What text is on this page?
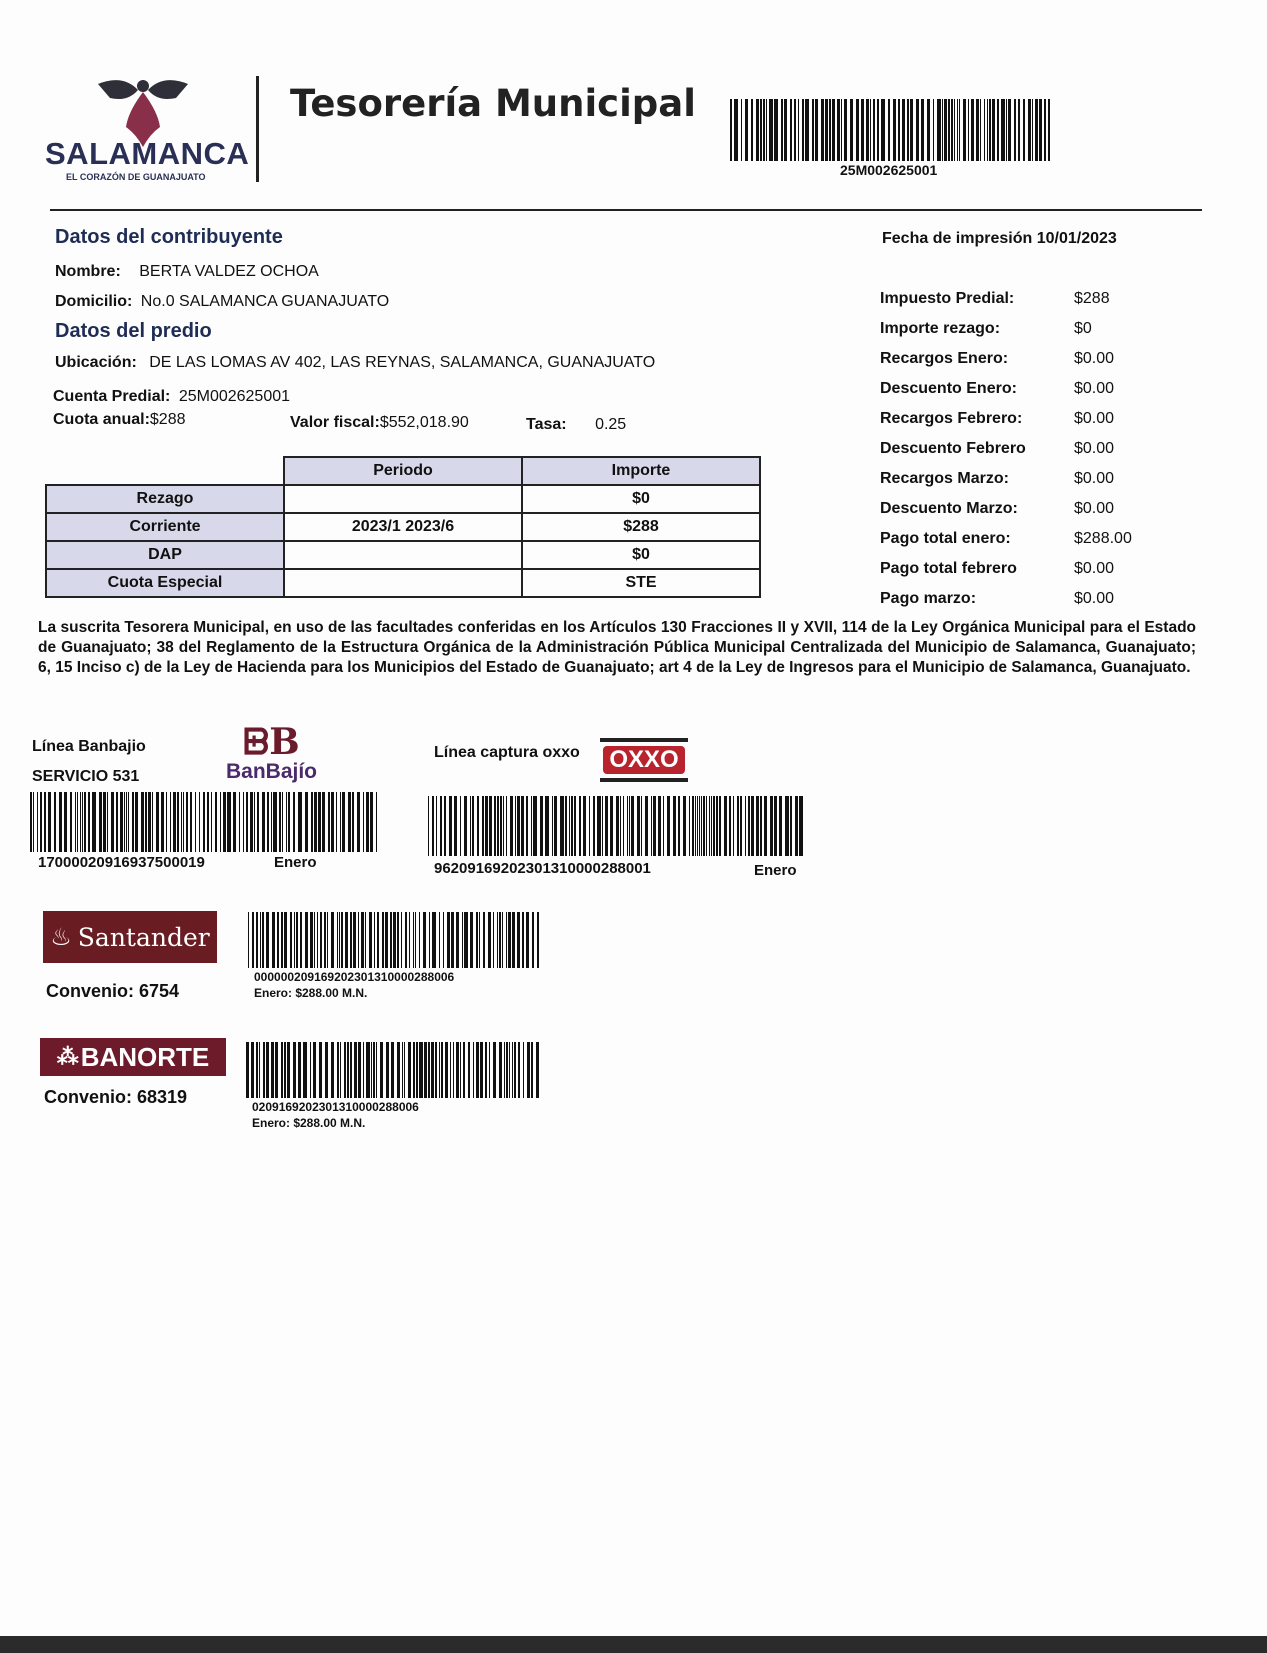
SALAMANCA
EL CORAZÓN DE GUANAJUATO
Tesorería Municipal
25M002625001
Datos del contribuyente
Nombre: BERTA VALDEZ OCHOA
Domicilio: No.0 SALAMANCA GUANAJUATO
Datos del predio
Ubicación: DE LAS LOMAS AV 402, LAS REYNAS, SALAMANCA, GUANAJUATO
Cuenta Predial: 25M002625001
Cuota anual:$288	Valor fiscal:$552,018.90	Tasa: 0.25
	Periodo	Importe
Rezago		$0
Corriente	2023/1 2023/6	$288
DAP		$0
Cuota Especial		STE
Fecha de impresión 10/01/2023
Impuesto Predial:	$288
Importe rezago:	$0
Recargos Enero:	$0.00
Descuento Enero:	$0.00
Recargos Febrero:	$0.00
Descuento Febrero	$0.00
Recargos Marzo:	$0.00
Descuento Marzo:	$0.00
Pago total enero:	$288.00
Pago total febrero	$0.00
Pago marzo:	$0.00
La suscrita Tesorera Municipal, en uso de las facultades conferidas en los Artículos 130 Fracciones II y XVII, 114 de la Ley Orgánica Municipal para el Estado de Guanajuato; 38 del Reglamento de la Estructura Orgánica de la Administración Pública Municipal Centralizada del Municipio de Salamanca, Guanajuato; 6, 15 Inciso c) de la Ley de Hacienda para los Municipios del Estado de Guanajuato; art 4 de la Ley de Ingresos para el Municipio de Salamanca, Guanajuato.
Línea Banbajio
SERVICIO 531
ᗸB
BanBajío
17000020916937500019	Enero
Línea captura oxxo OXXO
96209169202301310000288001	Enero
♨ Santander
Convenio: 6754
000000209169202301310000288006
Enero: $288.00 M.N.
⁂ BANORTE
Convenio: 68319	0209169202301310000288006
Enero: $288.00 M.N.
